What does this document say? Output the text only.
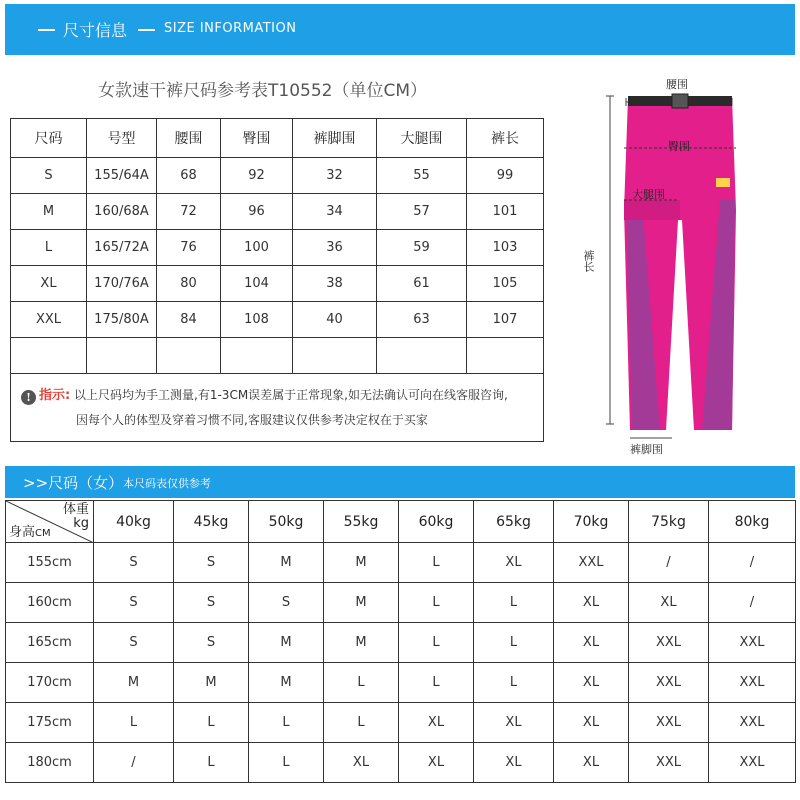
尺寸信息	SIZE INFORMATION
女款速干裤尺码参考表T10552（单位CM）
尺码	号型	腰围	臀围	裤脚围	大腿围	裤长
S	155/64A	68	92	32	55	99
M	160/68A	72	96	34	57	101
L	165/72A	76	100	36	59	103
XL	170/76A	80	104	38	61	105
XXL	175/80A	84	108	40	63	107

! 指示: 以上尺码均为手工测量,有1-3CM误差属于正常现象,如无法确认可向在线客服咨询,
因每个人的体型及穿着习惯不同,客服建议仅供参考决定权在于买家						
腰围
臀围
大腿围
裤长
裤脚围
>>尺码（女） 本尺码表仅供参考
体重
kg
身高CM	40kg	45kg	50kg	55kg	60kg	65kg	70kg	75kg	80kg
155cm	S	S	M	M	L	XL	XXL	/	/
160cm	S	S	S	M	L	L	XL	XL	/
165cm	S	S	M	M	L	L	XL	XXL	XXL
170cm	M	M	M	L	L	L	XL	XXL	XXL
175cm	L	L	L	L	XL	XL	XL	XXL	XXL
180cm	/	L	L	XL	XL	XL	XL	XXL	XXL
